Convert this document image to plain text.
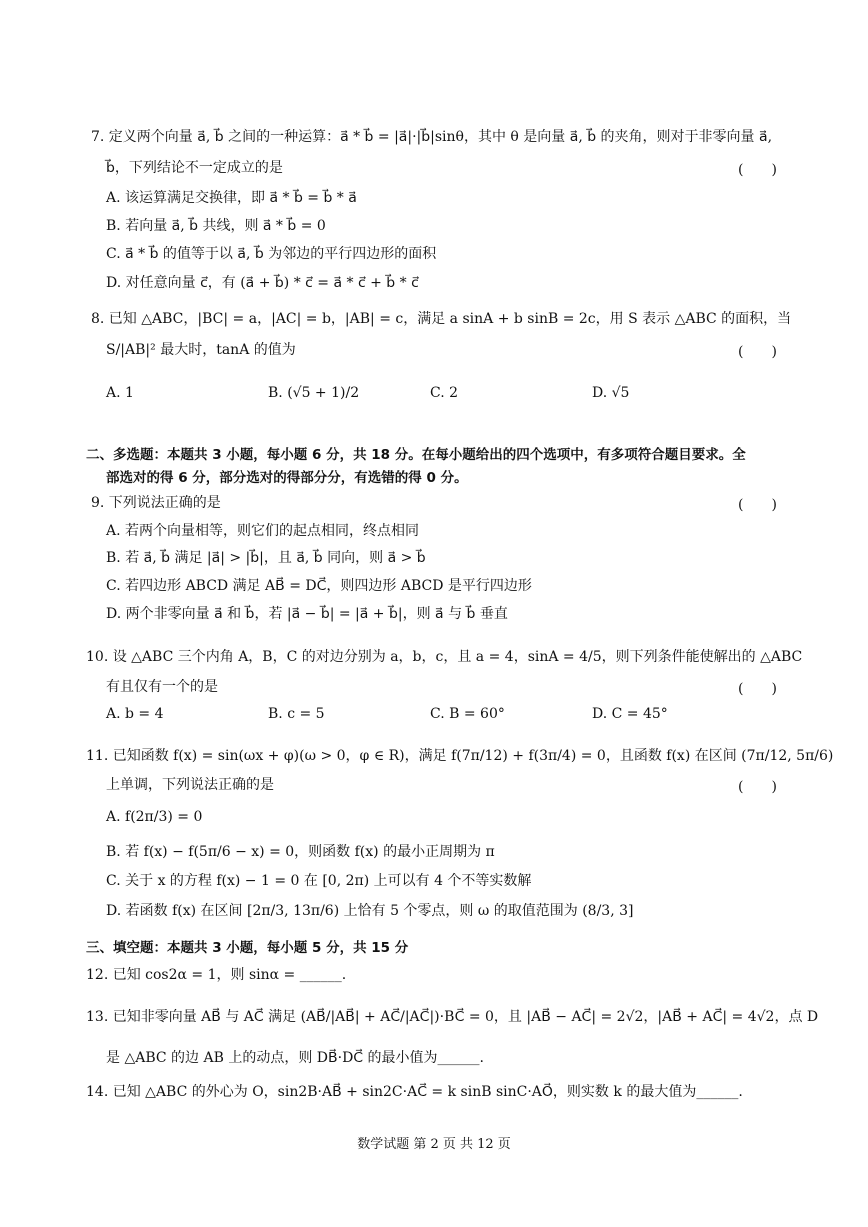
7. 定义两个向量 a⃗, b⃗ 之间的一种运算：a⃗ * b⃗ = |a⃗|·|b⃗|sinθ，其中 θ 是向量 a⃗, b⃗ 的夹角，则对于非零向量 a⃗,
b⃗，下列结论不一定成立的是	(　　)
A. 该运算满足交换律，即 a⃗ * b⃗ = b⃗ * a⃗
B. 若向量 a⃗, b⃗ 共线，则 a⃗ * b⃗ = 0
C. a⃗ * b⃗ 的值等于以 a⃗, b⃗ 为邻边的平行四边形的面积
D. 对任意向量 c⃗，有 (a⃗ + b⃗) * c⃗ = a⃗ * c⃗ + b⃗ * c⃗
8. 已知 △ABC，|BC| = a，|AC| = b，|AB| = c，满足 a sinA + b sinB = 2c，用 S 表示 △ABC 的面积，当
S/|AB|² 最大时，tanA 的值为	(　　)
A. 1	B. (√5 + 1)/2	C. 2	D. √5
二、多选题：本题共 3 小题，每小题 6 分，共 18 分。在每小题给出的四个选项中，有多项符合题目要求。全
部选对的得 6 分，部分选对的得部分分，有选错的得 0 分。
9. 下列说法正确的是	(　　)
A. 若两个向量相等，则它们的起点相同，终点相同
B. 若 a⃗, b⃗ 满足 |a⃗| > |b⃗|，且 a⃗, b⃗ 同向，则 a⃗ > b⃗
C. 若四边形 ABCD 满足 AB⃗ = DC⃗，则四边形 ABCD 是平行四边形
D. 两个非零向量 a⃗ 和 b⃗，若 |a⃗ − b⃗| = |a⃗ + b⃗|，则 a⃗ 与 b⃗ 垂直
10. 设 △ABC 三个内角 A，B，C 的对边分别为 a，b，c，且 a = 4，sinA = 4/5，则下列条件能使解出的 △ABC
有且仅有一个的是	(　　)
A. b = 4	B. c = 5	C. B = 60°	D. C = 45°
11. 已知函数 f(x) = sin(ωx + φ)(ω > 0，φ ∈ R)，满足 f(7π/12) + f(3π/4) = 0，且函数 f(x) 在区间 (7π/12, 5π/6)
上单调，下列说法正确的是	(　　)
A. f(2π/3) = 0
B. 若 f(x) − f(5π/6 − x) = 0，则函数 f(x) 的最小正周期为 π
C. 关于 x 的方程 f(x) − 1 = 0 在 [0, 2π) 上可以有 4 个不等实数解
D. 若函数 f(x) 在区间 [2π/3, 13π/6) 上恰有 5 个零点，则 ω 的取值范围为 (8/3, 3]
三、填空题：本题共 3 小题，每小题 5 分，共 15 分
12. 已知 cos2α = 1，则 sinα = ______.
13. 已知非零向量 AB⃗ 与 AC⃗ 满足 (AB⃗/|AB⃗| + AC⃗/|AC⃗|)·BC⃗ = 0，且 |AB⃗ − AC⃗| = 2√2，|AB⃗ + AC⃗| = 4√2，点 D
是 △ABC 的边 AB 上的动点，则 DB⃗·DC⃗ 的最小值为______.
14. 已知 △ABC 的外心为 O，sin2B·AB⃗ + sin2C·AC⃗ = k sinB sinC·AO⃗，则实数 k 的最大值为______.
数学试题 第 2 页 共 12 页
